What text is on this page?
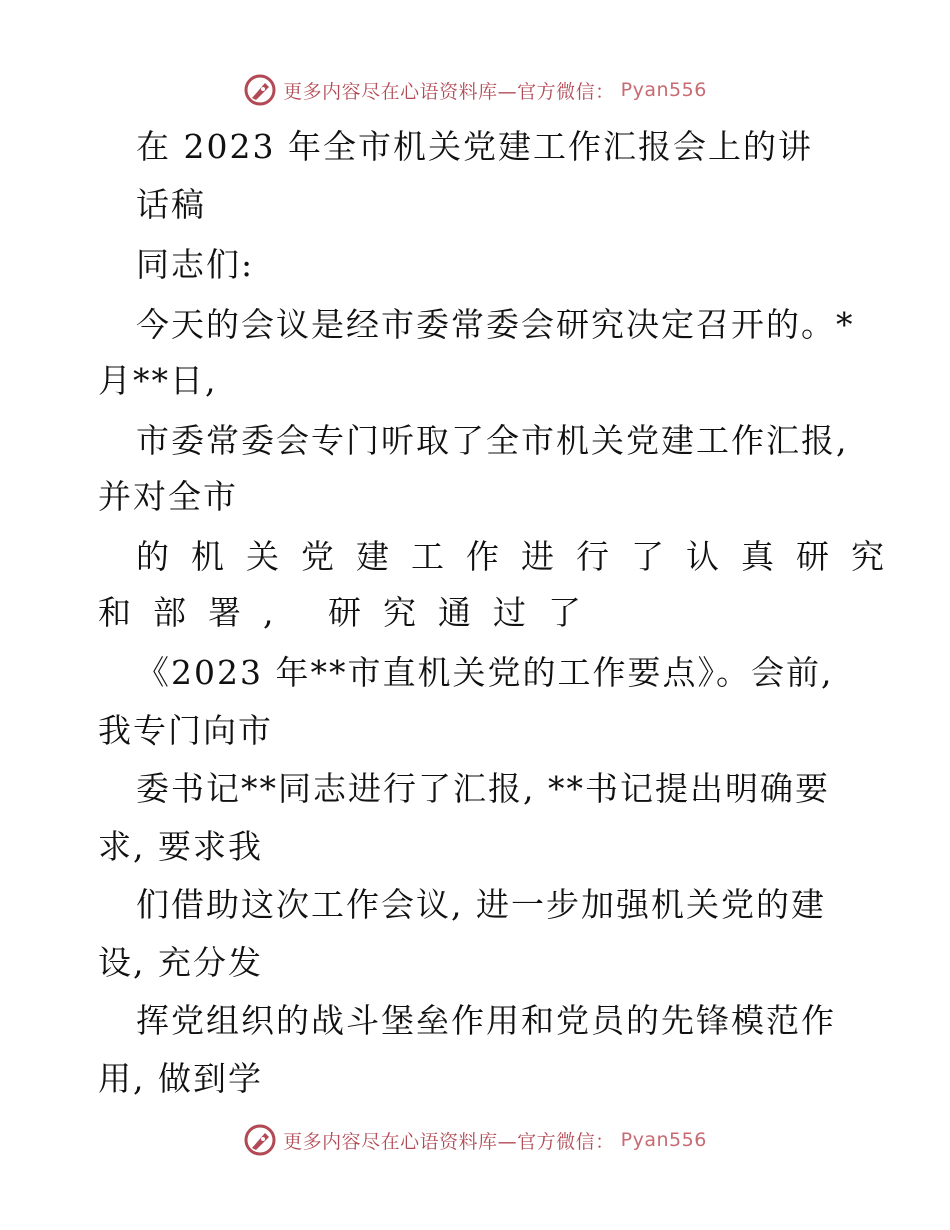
更多内容尽在心语资料库—官方微信： Pyan556
在 2023 年全市机关党建工作汇报会上的讲
话稿
同志们:
今天的会议是经市委常委会研究决定召开的。*
月**日,
市委常委会专门听取了全市机关党建工作汇报,
并对全市
的机关党建工作进行了认真研究
和部署, 研究通过了
《2023 年**市直机关党的工作要点》。会前,
我专门向市
委书记**同志进行了汇报, **书记提出明确要
求, 要求我
们借助这次工作会议, 进一步加强机关党的建
设, 充分发
挥党组织的战斗堡垒作用和党员的先锋模范作
用, 做到学
更多内容尽在心语资料库—官方微信： Pyan556
